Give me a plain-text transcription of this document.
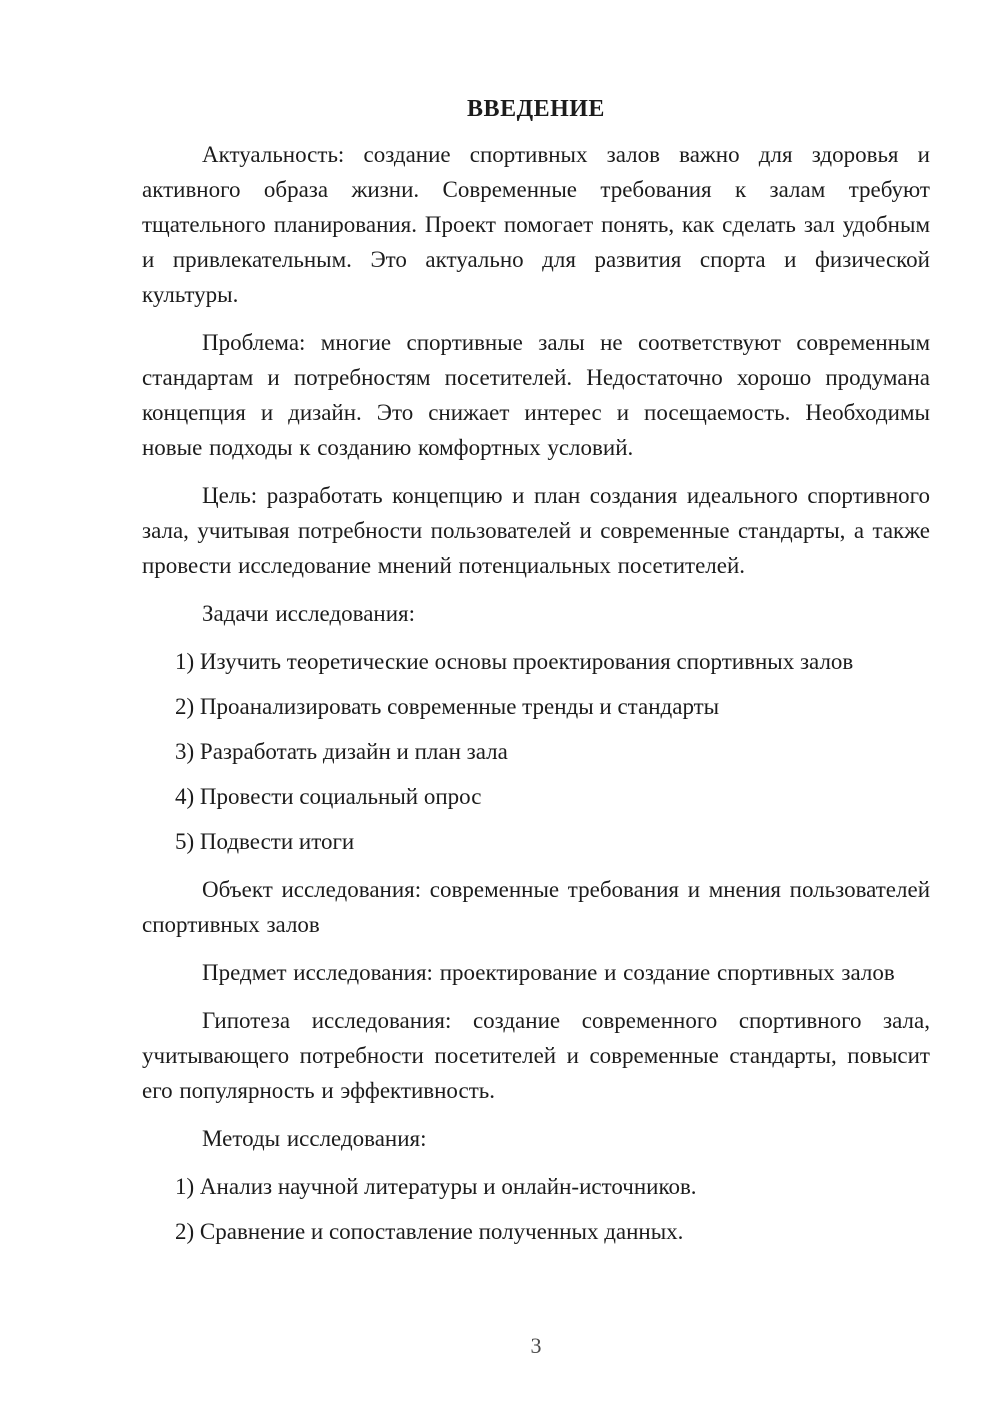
ВВЕДЕНИЕ

Актуальность: создание спортивных залов важно для здоровья и активного образа жизни. Современные требования к залам требуют тщательного планирования. Проект помогает понять, как сделать зал удобным и привлекательным. Это актуально для развития спорта и физической культуры.

Проблема: многие спортивные залы не соответствуют современным стандартам и потребностям посетителей. Недостаточно хорошо продумана концепция и дизайн. Это снижает интерес и посещаемость. Необходимы новые подходы к созданию комфортных условий.

Цель: разработать концепцию и план создания идеального спортивного зала, учитывая потребности пользователей и современные стандарты, а также провести исследование мнений потенциальных посетителей.

Задачи исследования:

1) Изучить теоретические основы проектирования спортивных залов
2) Проанализировать современные тренды и стандарты
3) Разработать дизайн и план зала
4) Провести социальный опрос
5) Подвести итоги

Объект исследования: современные требования и мнения пользователей спортивных залов

Предмет исследования: проектирование и создание спортивных залов

Гипотеза исследования: создание современного спортивного зала, учитывающего потребности посетителей и современные стандарты, повысит его популярность и эффективность.

Методы исследования:

1) Анализ научной литературы и онлайн-источников.
2) Сравнение и сопоставление полученных данных.
3
